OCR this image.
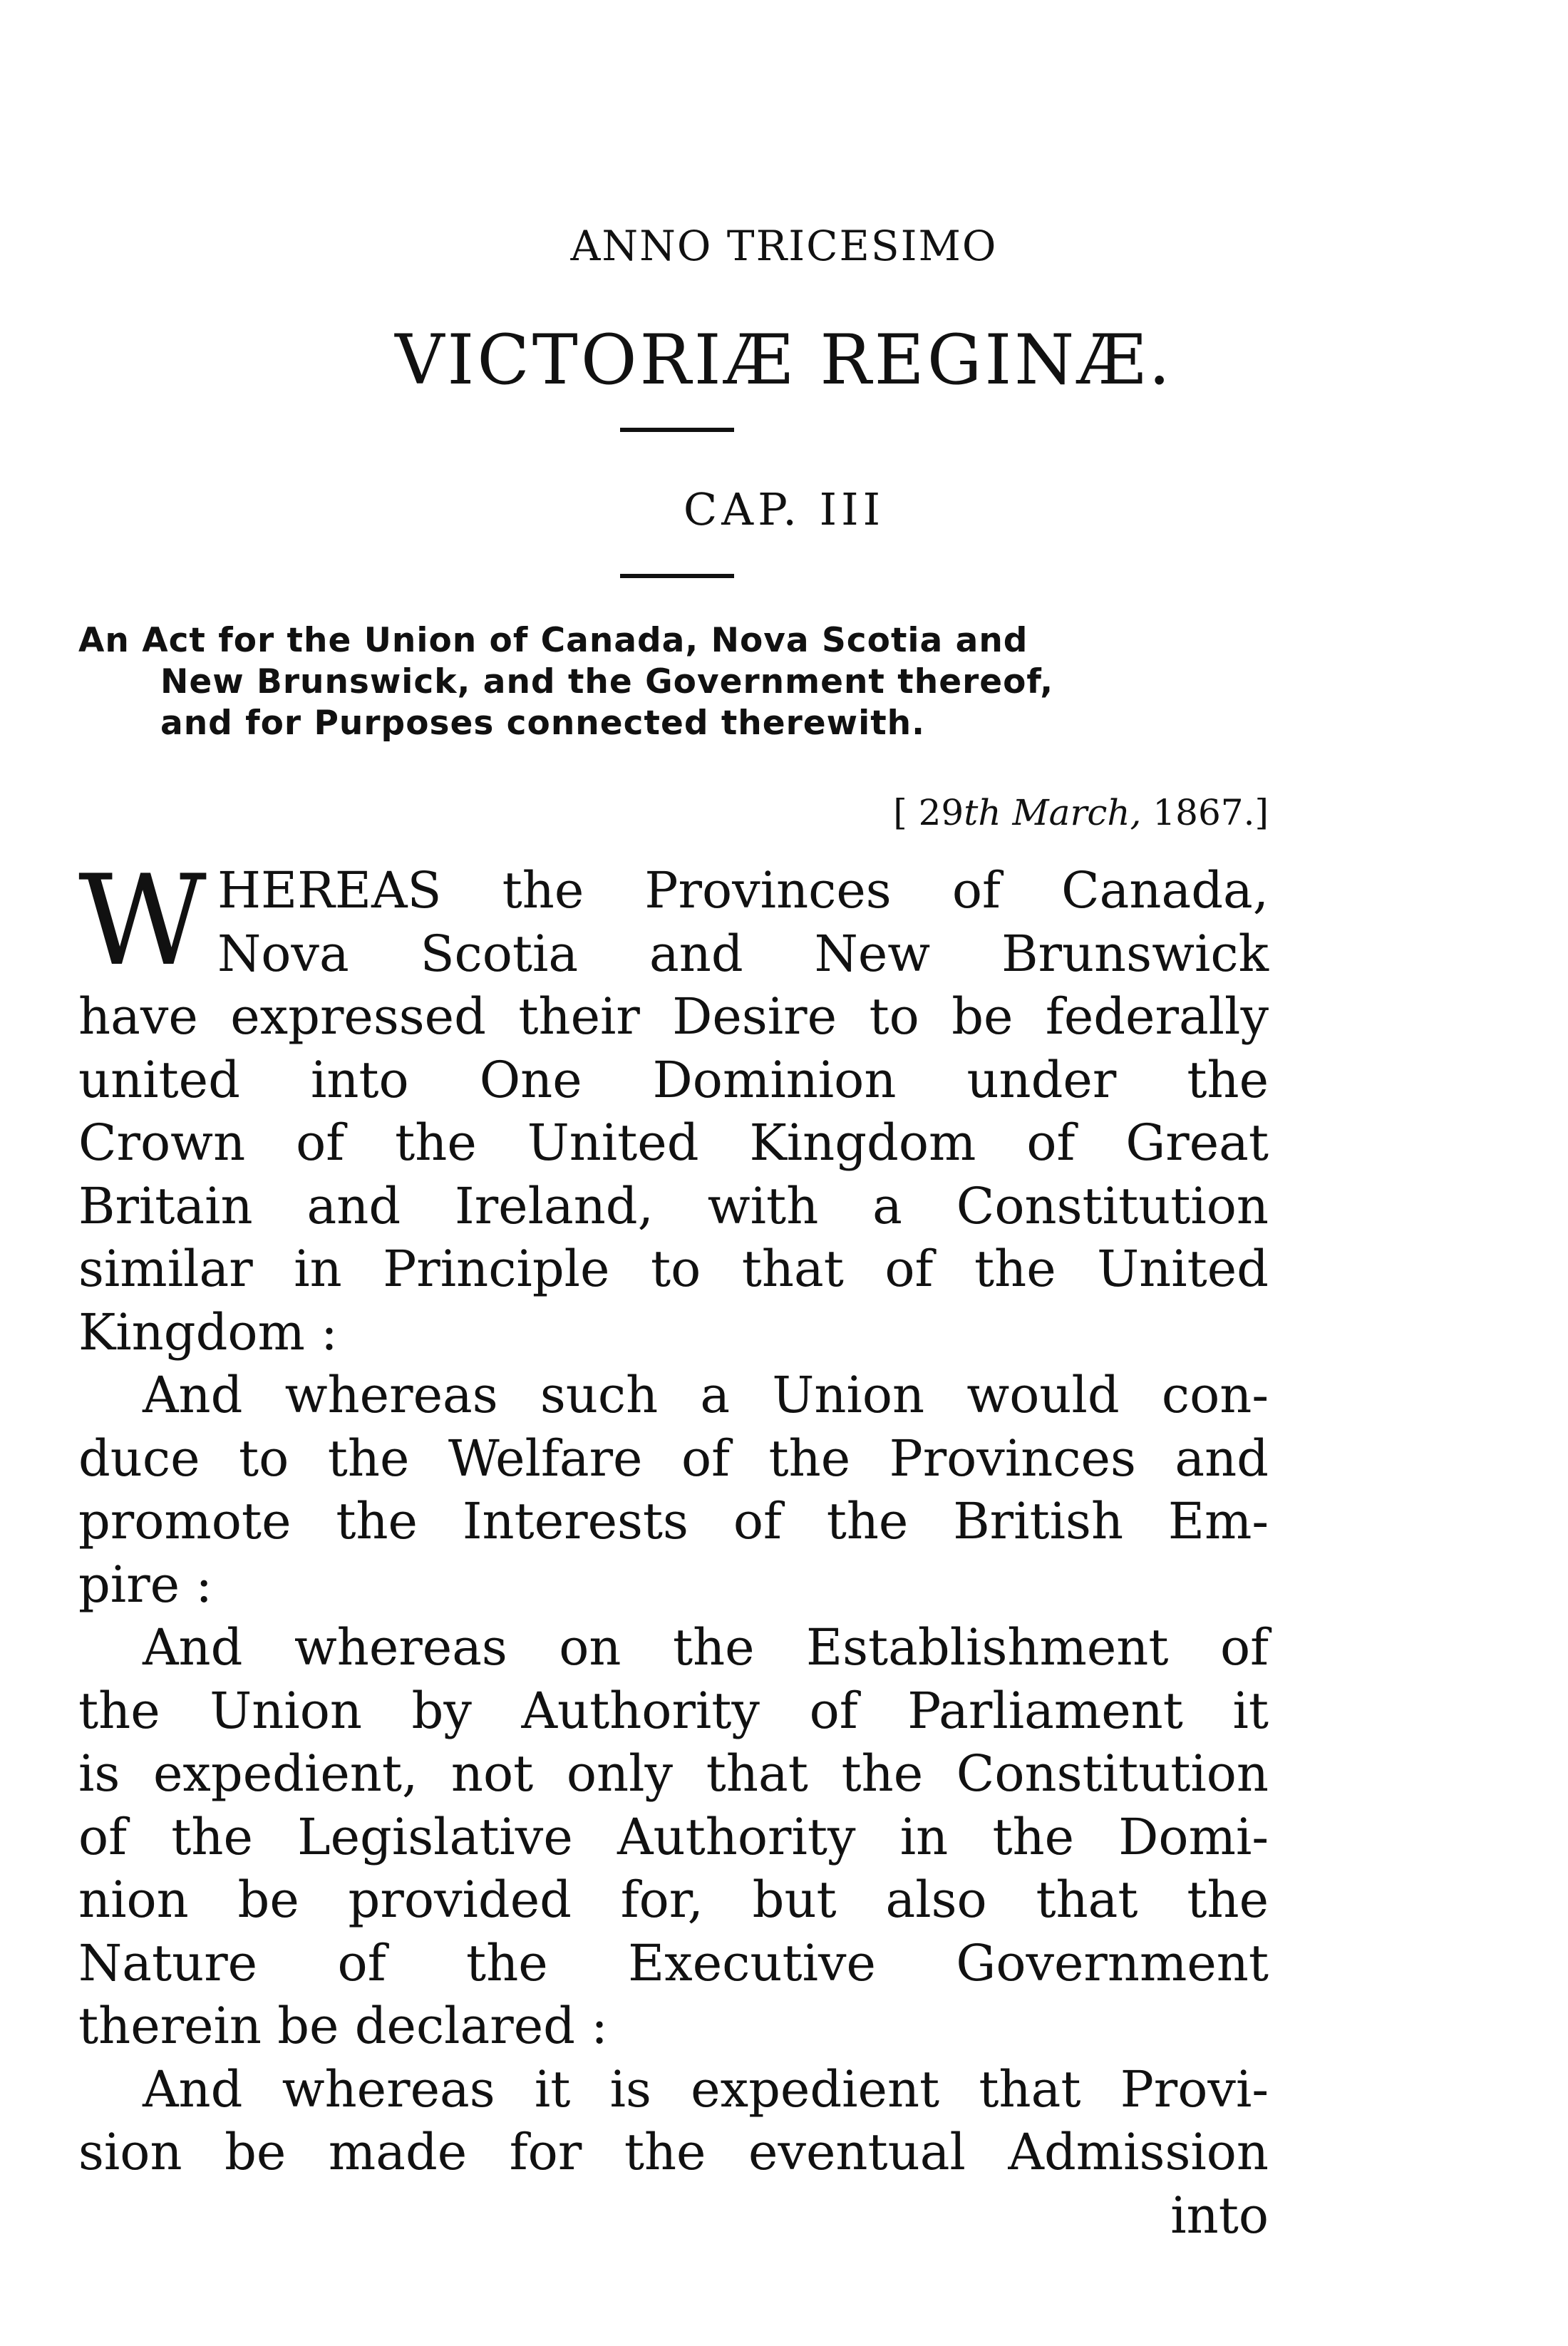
ANNO TRICESIMO
VICTORIÆ REGINÆ.
CAP. III
An Act for the Union of Canada, Nova Scotia and
New Brunswick, and the Government thereof,
and for Purposes connected therewith.
[ 29th March, 1867.]
W HEREAS the Provinces of Canada,
Nova Scotia and New Brunswick
have expressed their Desire to be federally
united into One Dominion under the
Crown of the United Kingdom of Great
Britain and Ireland, with a Constitution
similar in Principle to that of the United
Kingdom :
And whereas such a Union would con-
duce to the Welfare of the Provinces and
promote the Interests of the British Em-
pire :
And whereas on the Establishment of
the Union by Authority of Parliament it
is expedient, not only that the Constitution
of the Legislative Authority in the Domi-
nion be provided for, but also that the
Nature of the Executive Government
therein be declared :
And whereas it is expedient that Provi-
sion be made for the eventual Admission
into
